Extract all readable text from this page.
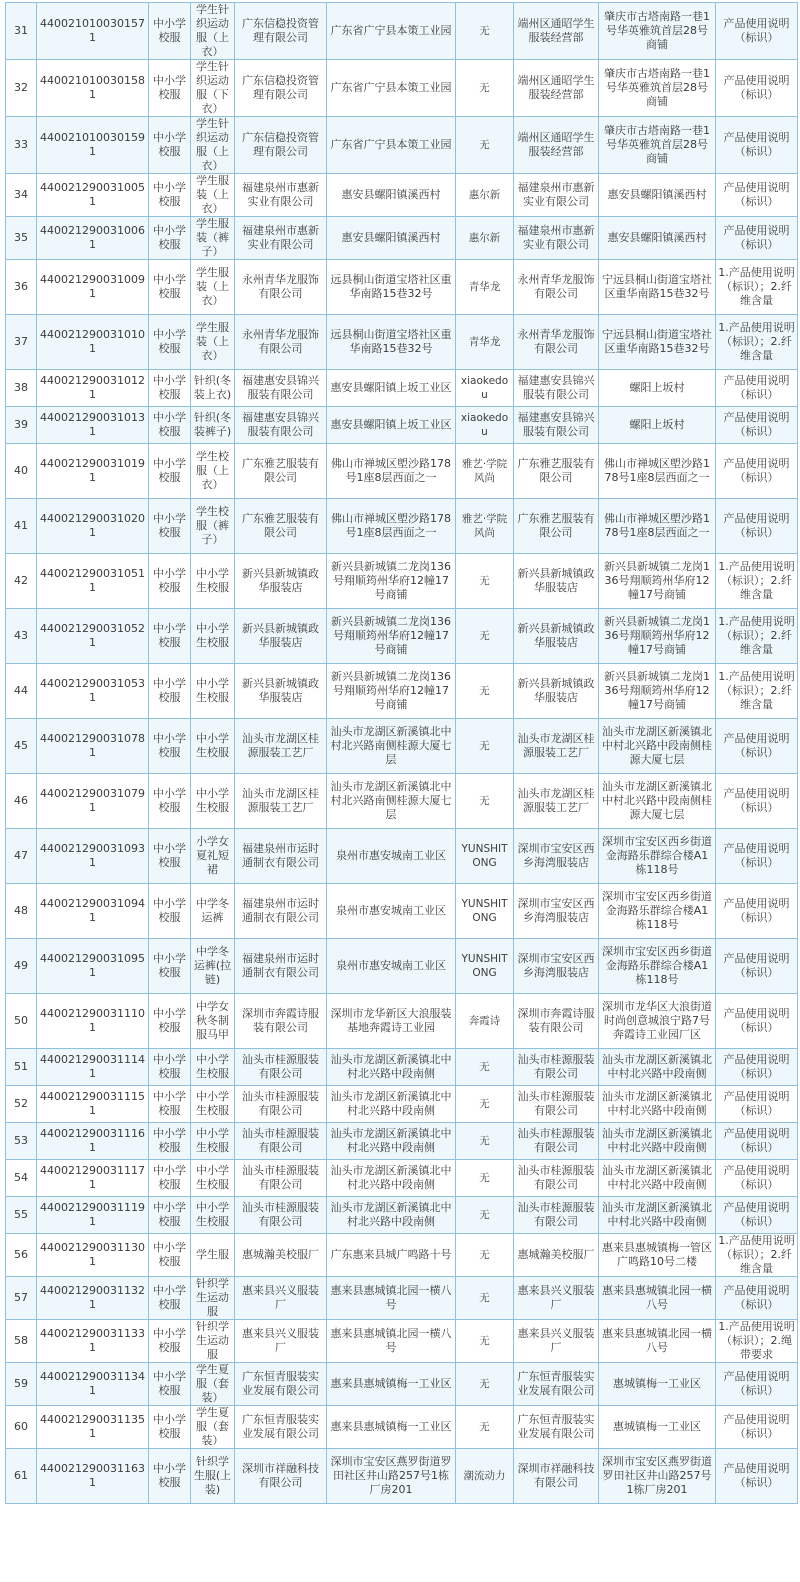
31	440021010030157 1	中小学校服	学生针织运动服（上衣）	广东信稳投资管理有限公司	广东省广宁县本策工业园	无	端州区通昭学生服装经营部	肇庆市古塔南路一巷1号华英雅筑首层28号商铺	产品使用说明（标识）
32	4400210100301581	中小学校服	学生针织运动服（下衣）	广东信稳投资管理有限公司	广东省广宁县本策工业园	无	端州区通昭学生服装经营部	肇庆市古塔南路一巷1号华英雅筑首层28号商铺	产品使用说明（标识）
33	4400210100301591	中小学校服	学生针织运动服（上衣）	广东信稳投资管理有限公司	广东省广宁县本策工业园	无	端州区通昭学生服装经营部	肇庆市古塔南路一巷1号华英雅筑首层28号商铺	产品使用说明（标识）
34	4400212900310051	中小学校服	学生服装（上衣）	福建泉州市惠新实业有限公司	惠安县螺阳镇溪西村	惠尔新	福建泉州市惠新实业有限公司	惠安县螺阳镇溪西村	产品使用说明（标识）
35	4400212900310061	中小学校服	学生服装（裤子）	福建泉州市惠新实业有限公司	惠安县螺阳镇溪西村	惠尔新	福建泉州市惠新实业有限公司	惠安县螺阳镇溪西村	产品使用说明（标识）
36	4400212900310091	中小学校服	学生服装（上衣）	永州青华龙服饰有限公司	远县桐山街道宝塔社区重华南路15巷32号	青华龙	永州青华龙服饰有限公司	宁远县桐山街道宝塔社区重华南路15巷32号	1.产品使用说明（标识）；2.纤维含量
37	4400212900310101	中小学校服	学生服装（上衣）	永州青华龙服饰有限公司	远县桐山街道宝塔社区重华南路15巷32号	青华龙	永州青华龙服饰有限公司	宁远县桐山街道宝塔社区重华南路15巷32号	1.产品使用说明（标识）；2.纤维含量
38	4400212900310121	中小学校服	针织(冬装上衣)	福建惠安县锦兴服装有限公司	惠安县螺阳镇上坂工业区	xiaokedou	福建惠安县锦兴服装有限公司	螺阳上坂村	产品使用说明（标识）
39	4400212900310131	中小学校服	针织(冬装裤子)	福建惠安县锦兴服装有限公司	惠安县螺阳镇上坂工业区	xiaokedou	福建惠安县锦兴服装有限公司	螺阳上坂村	产品使用说明（标识）
40	4400212900310191	中小学校服	学生校服（上衣）	广东雅艺服装有限公司	佛山市禅城区塱沙路178号1座8层西面之一	雅艺·学院风尚	广东雅艺服装有限公司	佛山市禅城区塱沙路178号1座8层西面之一	产品使用说明（标识）
41	4400212900310201	中小学校服	学生校服（裤子）	广东雅艺服装有限公司	佛山市禅城区塱沙路178号1座8层西面之一	雅艺·学院风尚	广东雅艺服装有限公司	佛山市禅城区塱沙路178号1座8层西面之一	产品使用说明（标识）
42	4400212900310511	中小学校服	中小学生校服	新兴县新城镇政华服装店	新兴县新城镇二龙岗136号翔顺筠州华府12幢17号商铺	无	新兴县新城镇政华服装店	新兴县新城镇二龙岗136号翔顺筠州华府12幢17号商铺	1.产品使用说明（标识）；2.纤维含量
43	4400212900310521	中小学校服	中小学生校服	新兴县新城镇政华服装店	新兴县新城镇二龙岗136号翔顺筠州华府12幢17号商铺	无	新兴县新城镇政华服装店	新兴县新城镇二龙岗136号翔顺筠州华府12幢17号商铺	1.产品使用说明（标识）；2.纤维含量
44	4400212900310531	中小学校服	中小学生校服	新兴县新城镇政华服装店	新兴县新城镇二龙岗136号翔顺筠州华府12幢17号商铺	无	新兴县新城镇政华服装店	新兴县新城镇二龙岗136号翔顺筠州华府12幢17号商铺	1.产品使用说明（标识）；2.纤维含量
45	4400212900310781	中小学校服	中小学生校服	汕头市龙湖区桂源服装工艺厂	汕头市龙湖区新溪镇北中村北兴路南侧桂源大厦七层	无	汕头市龙湖区桂源服装工艺厂	汕头市龙湖区新溪镇北中村北兴路中段南侧桂源大厦七层	产品使用说明（标识）
46	4400212900310791	中小学校服	中小学生校服	汕头市龙湖区桂源服装工艺厂	汕头市龙湖区新溪镇北中村北兴路南侧桂源大厦七层	无	汕头市龙湖区桂源服装工艺厂	汕头市龙湖区新溪镇北中村北兴路中段南侧桂源大厦七层	产品使用说明（标识）
47	4400212900310931	中小学校服	小学女夏礼短裙	福建泉州市运时通制衣有限公司	泉州市惠安城南工业区	YUNSHITONG	深圳市宝安区西乡海湾服装店	深圳市宝安区西乡街道金海路乐群综合楼A1栋118号	产品使用说明（标识）
48	4400212900310941	中小学校服	中学冬运裤	福建泉州市运时通制衣有限公司	泉州市惠安城南工业区	YUNSHITONG	深圳市宝安区西乡海湾服装店	深圳市宝安区西乡街道金海路乐群综合楼A1栋118号	产品使用说明（标识）
49	4400212900310951	中小学校服	中学冬运裤(拉链)	福建泉州市运时通制衣有限公司	泉州市惠安城南工业区	YUNSHITONG	深圳市宝安区西乡海湾服装店	深圳市宝安区西乡街道金海路乐群综合楼A1栋118号	产品使用说明（标识）
50	4400212900311101	中小学校服	中学女秋冬制服马甲	深圳市奔霞诗服装有限公司	深圳市龙华新区大浪服装基地奔霞诗工业园	奔霞诗	深圳市奔霞诗服装有限公司	深圳市龙华区大浪街道时尚创意城浪宁路7号奔霞诗工业园厂区	产品使用说明（标识）
51	4400212900311141	中小学校服	中小学生校服	汕头市桂源服装有限公司	汕头市龙湖区新溪镇北中村北兴路中段南侧	无	汕头市桂源服装有限公司	汕头市龙湖区新溪镇北中村北兴路中段南侧	产品使用说明（标识）
52	4400212900311151	中小学校服	中小学生校服	汕头市桂源服装有限公司	汕头市龙湖区新溪镇北中村北兴路中段南侧	无	汕头市桂源服装有限公司	汕头市龙湖区新溪镇北中村北兴路中段南侧	产品使用说明（标识）
53	4400212900311161	中小学校服	中小学生校服	汕头市桂源服装有限公司	汕头市龙湖区新溪镇北中村北兴路中段南侧	无	汕头市桂源服装有限公司	汕头市龙湖区新溪镇北中村北兴路中段南侧	产品使用说明（标识）
54	4400212900311171	中小学校服	中小学生校服	汕头市桂源服装有限公司	汕头市龙湖区新溪镇北中村北兴路中段南侧	无	汕头市桂源服装有限公司	汕头市龙湖区新溪镇北中村北兴路中段南侧	产品使用说明（标识）
55	4400212900311191	中小学校服	中小学生校服	汕头市桂源服装有限公司	汕头市龙湖区新溪镇北中村北兴路中段南侧	无	汕头市桂源服装有限公司	汕头市龙湖区新溪镇北中村北兴路中段南侧	产品使用说明（标识）
56	4400212900311301	中小学校服	学生服	惠城瀚美校服厂	广东惠来县城广鸣路十号	无	惠城瀚美校服厂	惠来县惠城镇梅一管区广鸣路10号二楼	1.产品使用说明（标识）；2.纤维含量
57	4400212900311321	中小学校服	针织学生运动服	惠来县兴义服装厂	惠来县惠城镇北园一横八号	无	惠来县兴义服装厂	惠来县惠城镇北园一横八号	产品使用说明（标识）
58	4400212900311331	中小学校服	针织学生运动服	惠来县兴义服装厂	惠来县惠城镇北园一横八号	无	惠来县兴义服装厂	惠来县惠城镇北园一横八号	1.产品使用说明（标识）；2.绳带要求
59	4400212900311341	中小学校服	学生夏服（套装）	广东恒青服装实业发展有限公司	惠来县惠城镇梅一工业区	无	广东恒青服装实业发展有限公司	惠城镇梅一工业区	产品使用说明（标识）
60	4400212900311351	中小学校服	学生夏服（套装）	广东恒青服装实业发展有限公司	惠来县惠城镇梅一工业区	无	广东恒青服装实业发展有限公司	惠城镇梅一工业区	产品使用说明（标识）
61	4400212900311631	中小学校服	针织学生服(上装)	深圳市祥融科技有限公司	深圳市宝安区燕罗街道罗田社区井山路257号1栋厂房201	潮流动力	深圳市祥融科技有限公司	深圳市宝安区燕罗街道罗田社区井山路257号1栋厂房201	产品使用说明（标识）
